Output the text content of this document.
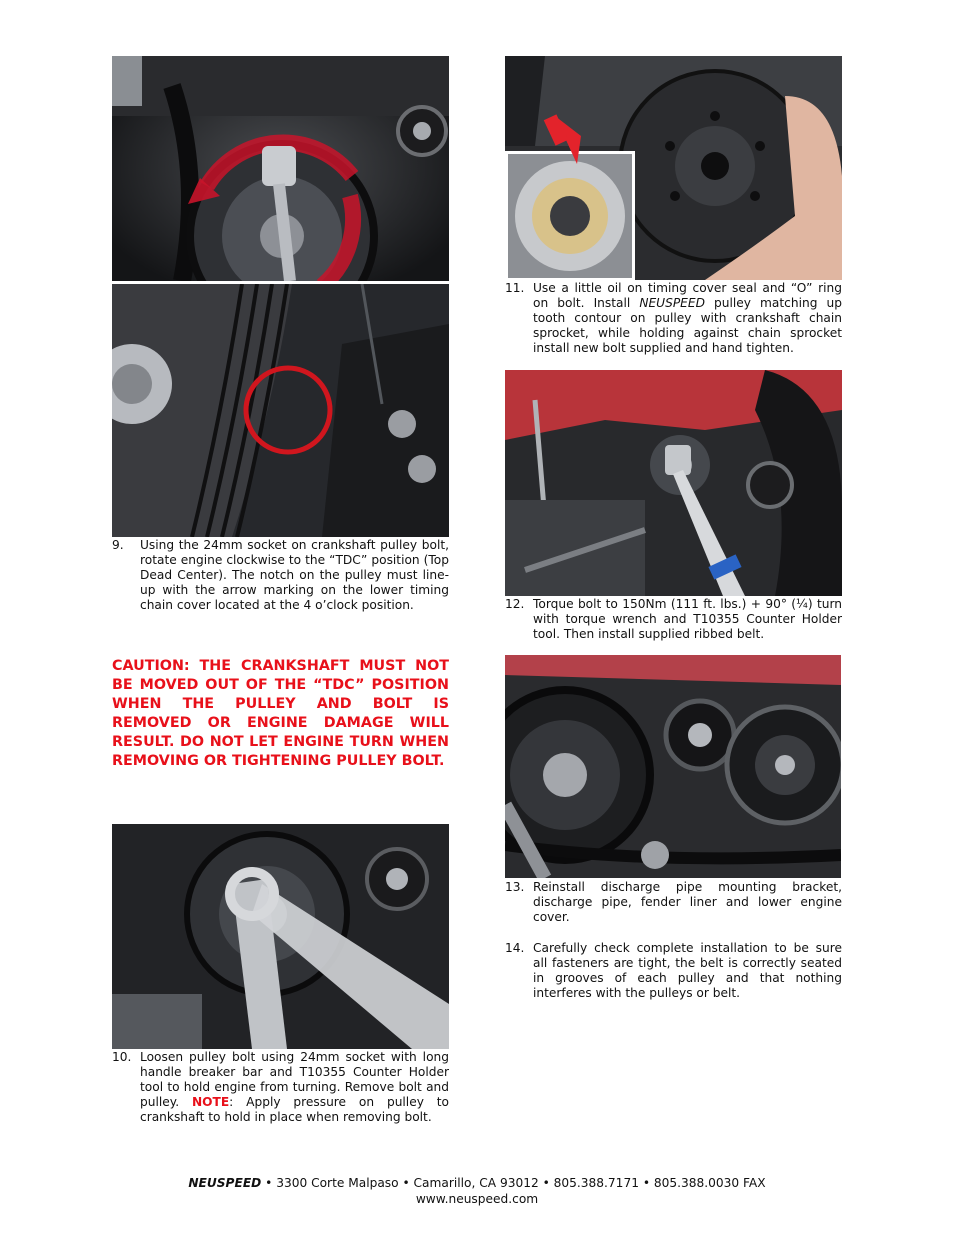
9. Using the 24mm socket on crankshaft pulley bolt, rotate engine clockwise to the “TDC” position (Top Dead Center). The notch on the pulley must line-up with the arrow marking on the lower timing chain cover located at the 4 o’clock position.
CAUTION: THE CRANKSHAFT MUST NOT BE MOVED OUT OF THE “TDC” POSITION WHEN THE PULLEY AND BOLT IS REMOVED OR ENGINE DAMAGE WILL RESULT. DO NOT LET ENGINE TURN WHEN REMOVING OR TIGHTENING PULLEY BOLT.
10. Loosen pulley bolt using 24mm socket with long handle breaker bar and T10355 Counter Holder tool to hold engine from turning. Remove bolt and pulley. NOTE: Apply pressure on pulley to crankshaft to hold in place when removing bolt.
11. Use a little oil on timing cover seal and “O” ring on bolt. Install NEUSPEED pulley matching up tooth contour on pulley with crankshaft chain sprocket, while holding against chain sprocket install new bolt supplied and hand tighten.
12. Torque bolt to 150Nm (111 ft. lbs.) + 90° (¼) turn with torque wrench and T10355 Counter Holder tool. Then install supplied ribbed belt.
13. Reinstall discharge pipe mounting bracket, discharge pipe, fender liner and lower engine cover.
14. Carefully check complete installation to be sure all fasteners are tight, the belt is correctly seated in grooves of each pulley and that nothing interferes with the pulleys or belt.
NEUSPEED • 3300 Corte Malpaso • Camarillo, CA 93012 • 805.388.7171 • 805.388.0030 FAX
www.neuspeed.com
